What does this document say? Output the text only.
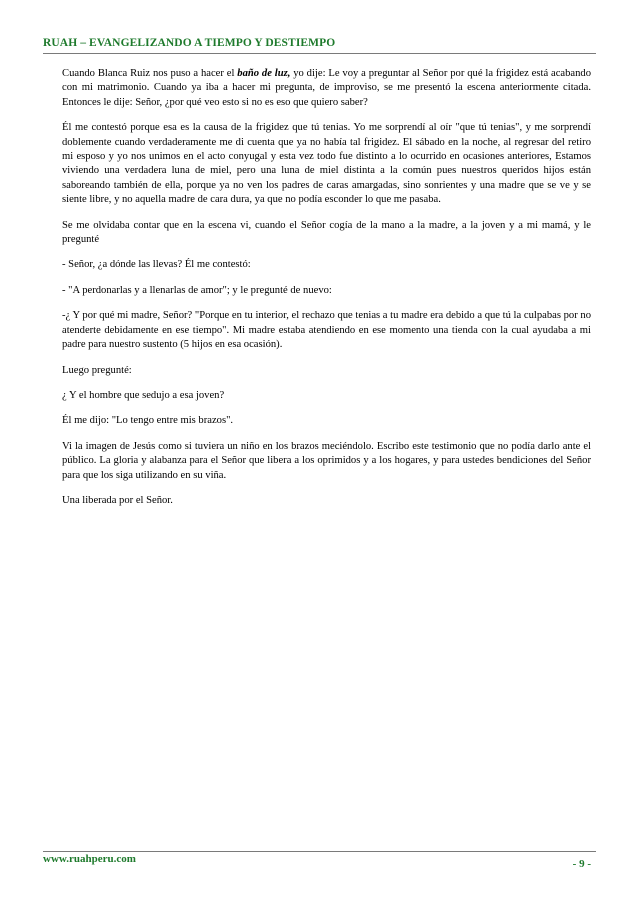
RUAH – EVANGELIZANDO A TIEMPO Y DESTIEMPO

Cuando Blanca Ruiz nos puso a hacer el baño de luz, yo dije: Le voy a preguntar al Señor por qué la frigidez está acabando con mi matrimonio. Cuando ya iba a hacer mi pregunta, de improviso, se me presentó la escena anteriormente citada. Entonces le dije: Señor, ¿por qué veo esto si no es eso que quiero saber?

Él me contestó porque esa es la causa de la frigidez que tú tenias. Yo me sorprendí al oír "que tú tenias", y me sorprendí doblemente cuando verdaderamente me di cuenta que ya no había tal frigidez. El sábado en la noche, al regresar del retiro mi esposo y yo nos unimos en el acto conyugal y esta vez todo fue distinto a lo ocurrido en ocasiones anteriores, Estamos viviendo una verdadera luna de miel, pero una luna de miel distinta a la común pues nuestros queridos hijos están saboreando también de ella, porque ya no ven los padres de caras amargadas, sino sonrientes y una madre que se ve y se siente libre, y no aquella madre de cara dura, ya que no podía esconder lo que me pasaba.

Se me olvidaba contar que en la escena vi, cuando el Señor cogía de la mano a la madre, a la joven y a mi mamá, y le pregunté

- Señor, ¿a dónde las llevas? Él me contestó:

- "A perdonarlas y a llenarlas de amor"; y le pregunté de nuevo:

-¿ Y por qué mi madre, Señor? "Porque en tu interior, el rechazo que tenias a tu madre era debido a que tú la culpabas por no atenderte debidamente en ese tiempo". Mi madre estaba atendiendo en ese momento una tienda con la cual ayudaba a mi padre para nuestro sustento (5 hijos en esa ocasión).

Luego pregunté:

¿ Y el hombre que sedujo a esa joven?

Él me dijo: "Lo tengo entre mis brazos".

Vi la imagen de Jesús como si tuviera un niño en los brazos meciéndolo. Escribo este testimonio que no podía darlo ante el público. La gloria y alabanza para el Señor que libera a los oprimidos y a los hogares, y para ustedes bendiciones del Señor para que los siga utilizando en su viña.

Una liberada por el Señor.

www.ruahperu.com	- 9 -
